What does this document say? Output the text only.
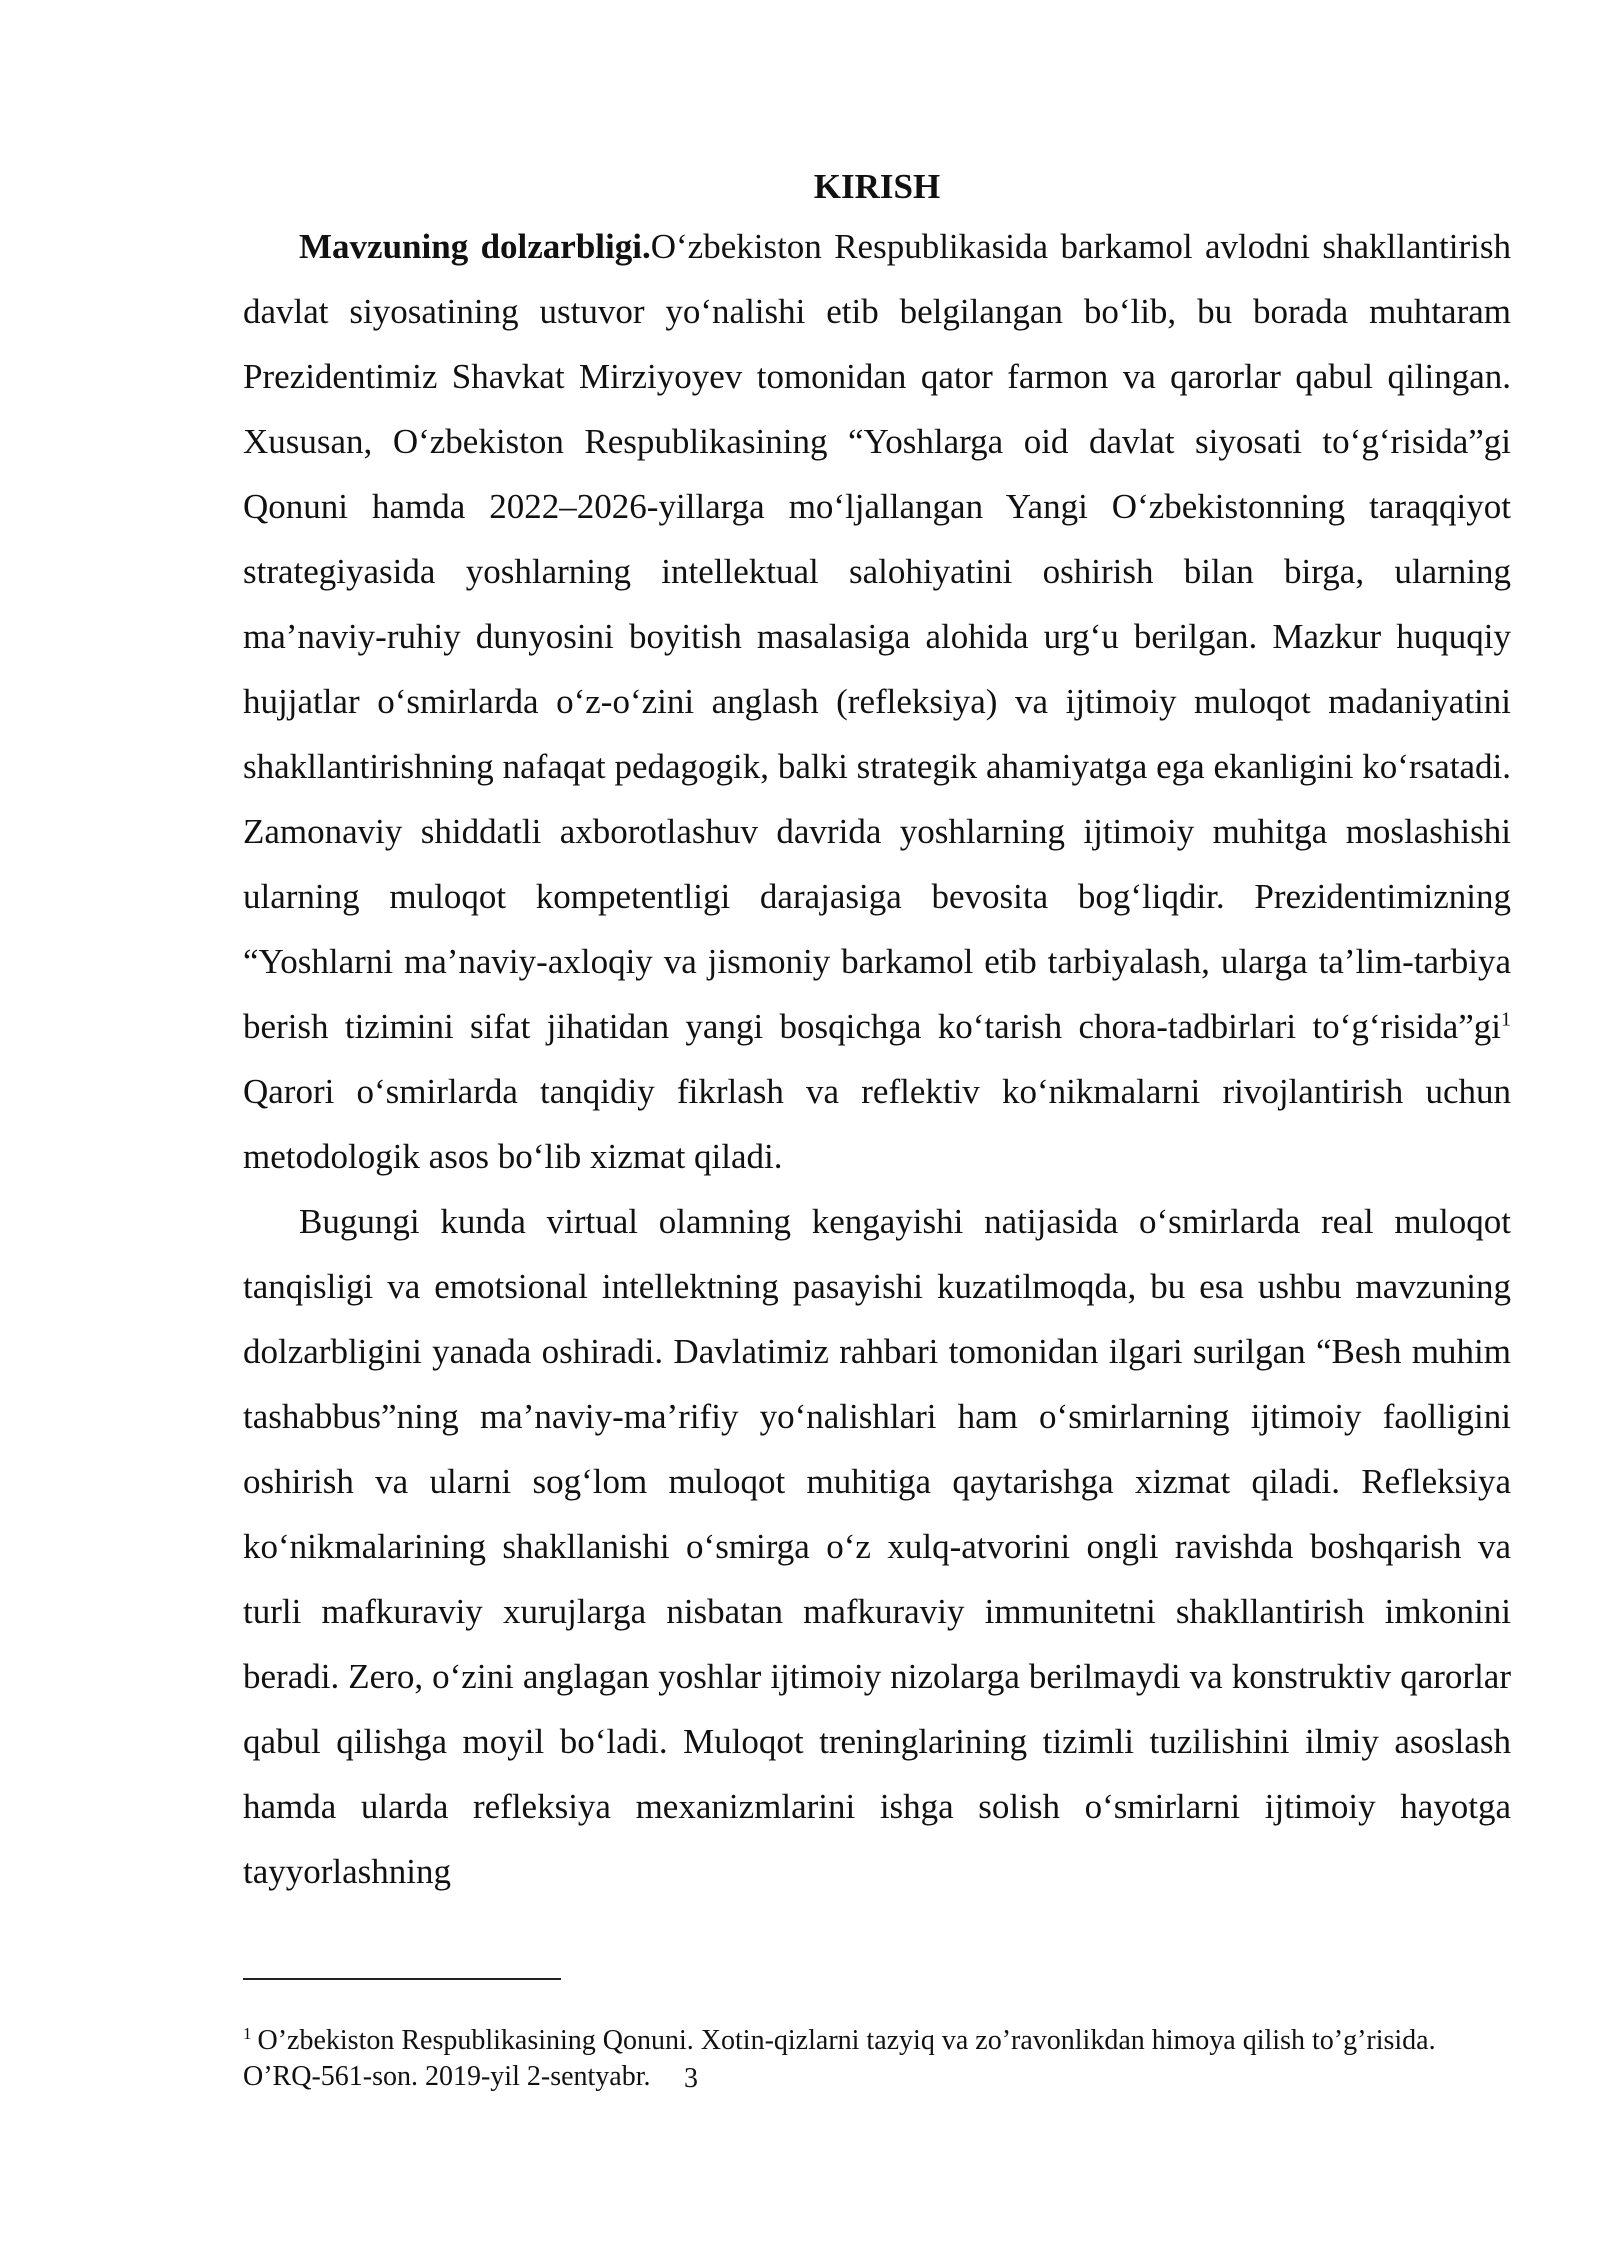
KIRISH

Mavzuning dolzarbligi.O‘zbekiston Respublikasida barkamol avlodni shakllantirish davlat siyosatining ustuvor yo‘nalishi etib belgilangan bo‘lib, bu borada muhtaram Prezidentimiz Shavkat Mirziyoyev tomonidan qator farmon va qarorlar qabul qilingan. Xususan, O‘zbekiston Respublikasining “Yoshlarga oid davlat siyosati to‘g‘risida”gi Qonuni hamda 2022–2026-yillarga mo‘ljallangan Yangi O‘zbekistonning taraqqiyot strategiyasida yoshlarning intellektual salohiyatini oshirish bilan birga, ularning ma’naviy-ruhiy dunyosini boyitish masalasiga alohida urg‘u berilgan. Mazkur huquqiy hujjatlar o‘smirlarda o‘z-o‘zini anglash (refleksiya) va ijtimoiy muloqot madaniyatini shakllantirishning nafaqat pedagogik, balki strategik ahamiyatga ega ekanligini ko‘rsatadi. Zamonaviy shiddatli axborotlashuv davrida yoshlarning ijtimoiy muhitga moslashishi ularning muloqot kompetentligi darajasiga bevosita bog‘liqdir. Prezidentimizning “Yoshlarni ma’naviy-axloqiy va jismoniy barkamol etib tarbiyalash, ularga ta’lim-tarbiya berish tizimini sifat jihatidan yangi bosqichga ko‘tarish chora-tadbirlari $to‘g‘risida”gi^1$ Qarori o‘smirlarda tanqidiy fikrlash va reflektiv ko‘nikmalarni rivojlantirish uchun metodologik asos bo‘lib xizmat qiladi.

Bugungi kunda virtual olamning kengayishi natijasida o‘smirlarda real muloqot tanqisligi va emotsional intellektning pasayishi kuzatilmoqda, bu esa ushbu mavzuning dolzarbligini yanada oshiradi. Davlatimiz rahbari tomonidan ilgari surilgan “Besh muhim tashabbus”ning ma’naviy-ma’rifiy yo‘nalishlari ham o‘smirlarning ijtimoiy faolligini oshirish va ularni sog‘lom muloqot muhitiga qaytarishga xizmat qiladi. Refleksiya ko‘nikmalarining shakllanishi o‘smirga o‘z xulq-atvorini ongli ravishda boshqarish va turli mafkuraviy xurujlarga nisbatan mafkuraviy immunitetni shakllantirish imkonini beradi. Zero, o‘zini anglagan yoshlar ijtimoiy nizolarga berilmaydi va konstruktiv qarorlar qabul qilishga moyil bo‘ladi. Muloqot treninglarining tizimli tuzilishini ilmiy asoslash hamda ularda refleksiya mexanizmlarini ishga solish o‘smirlarni ijtimoiy hayotga tayyorlashning

$^1$ O’zbekiston Respublikasining Qonuni. Xotin-qizlarni tazyiq va zo’ravonlikdan himoya qilish to’g’risida. O’RQ-561-son. 2019-yil 2-sentyabr.	3
